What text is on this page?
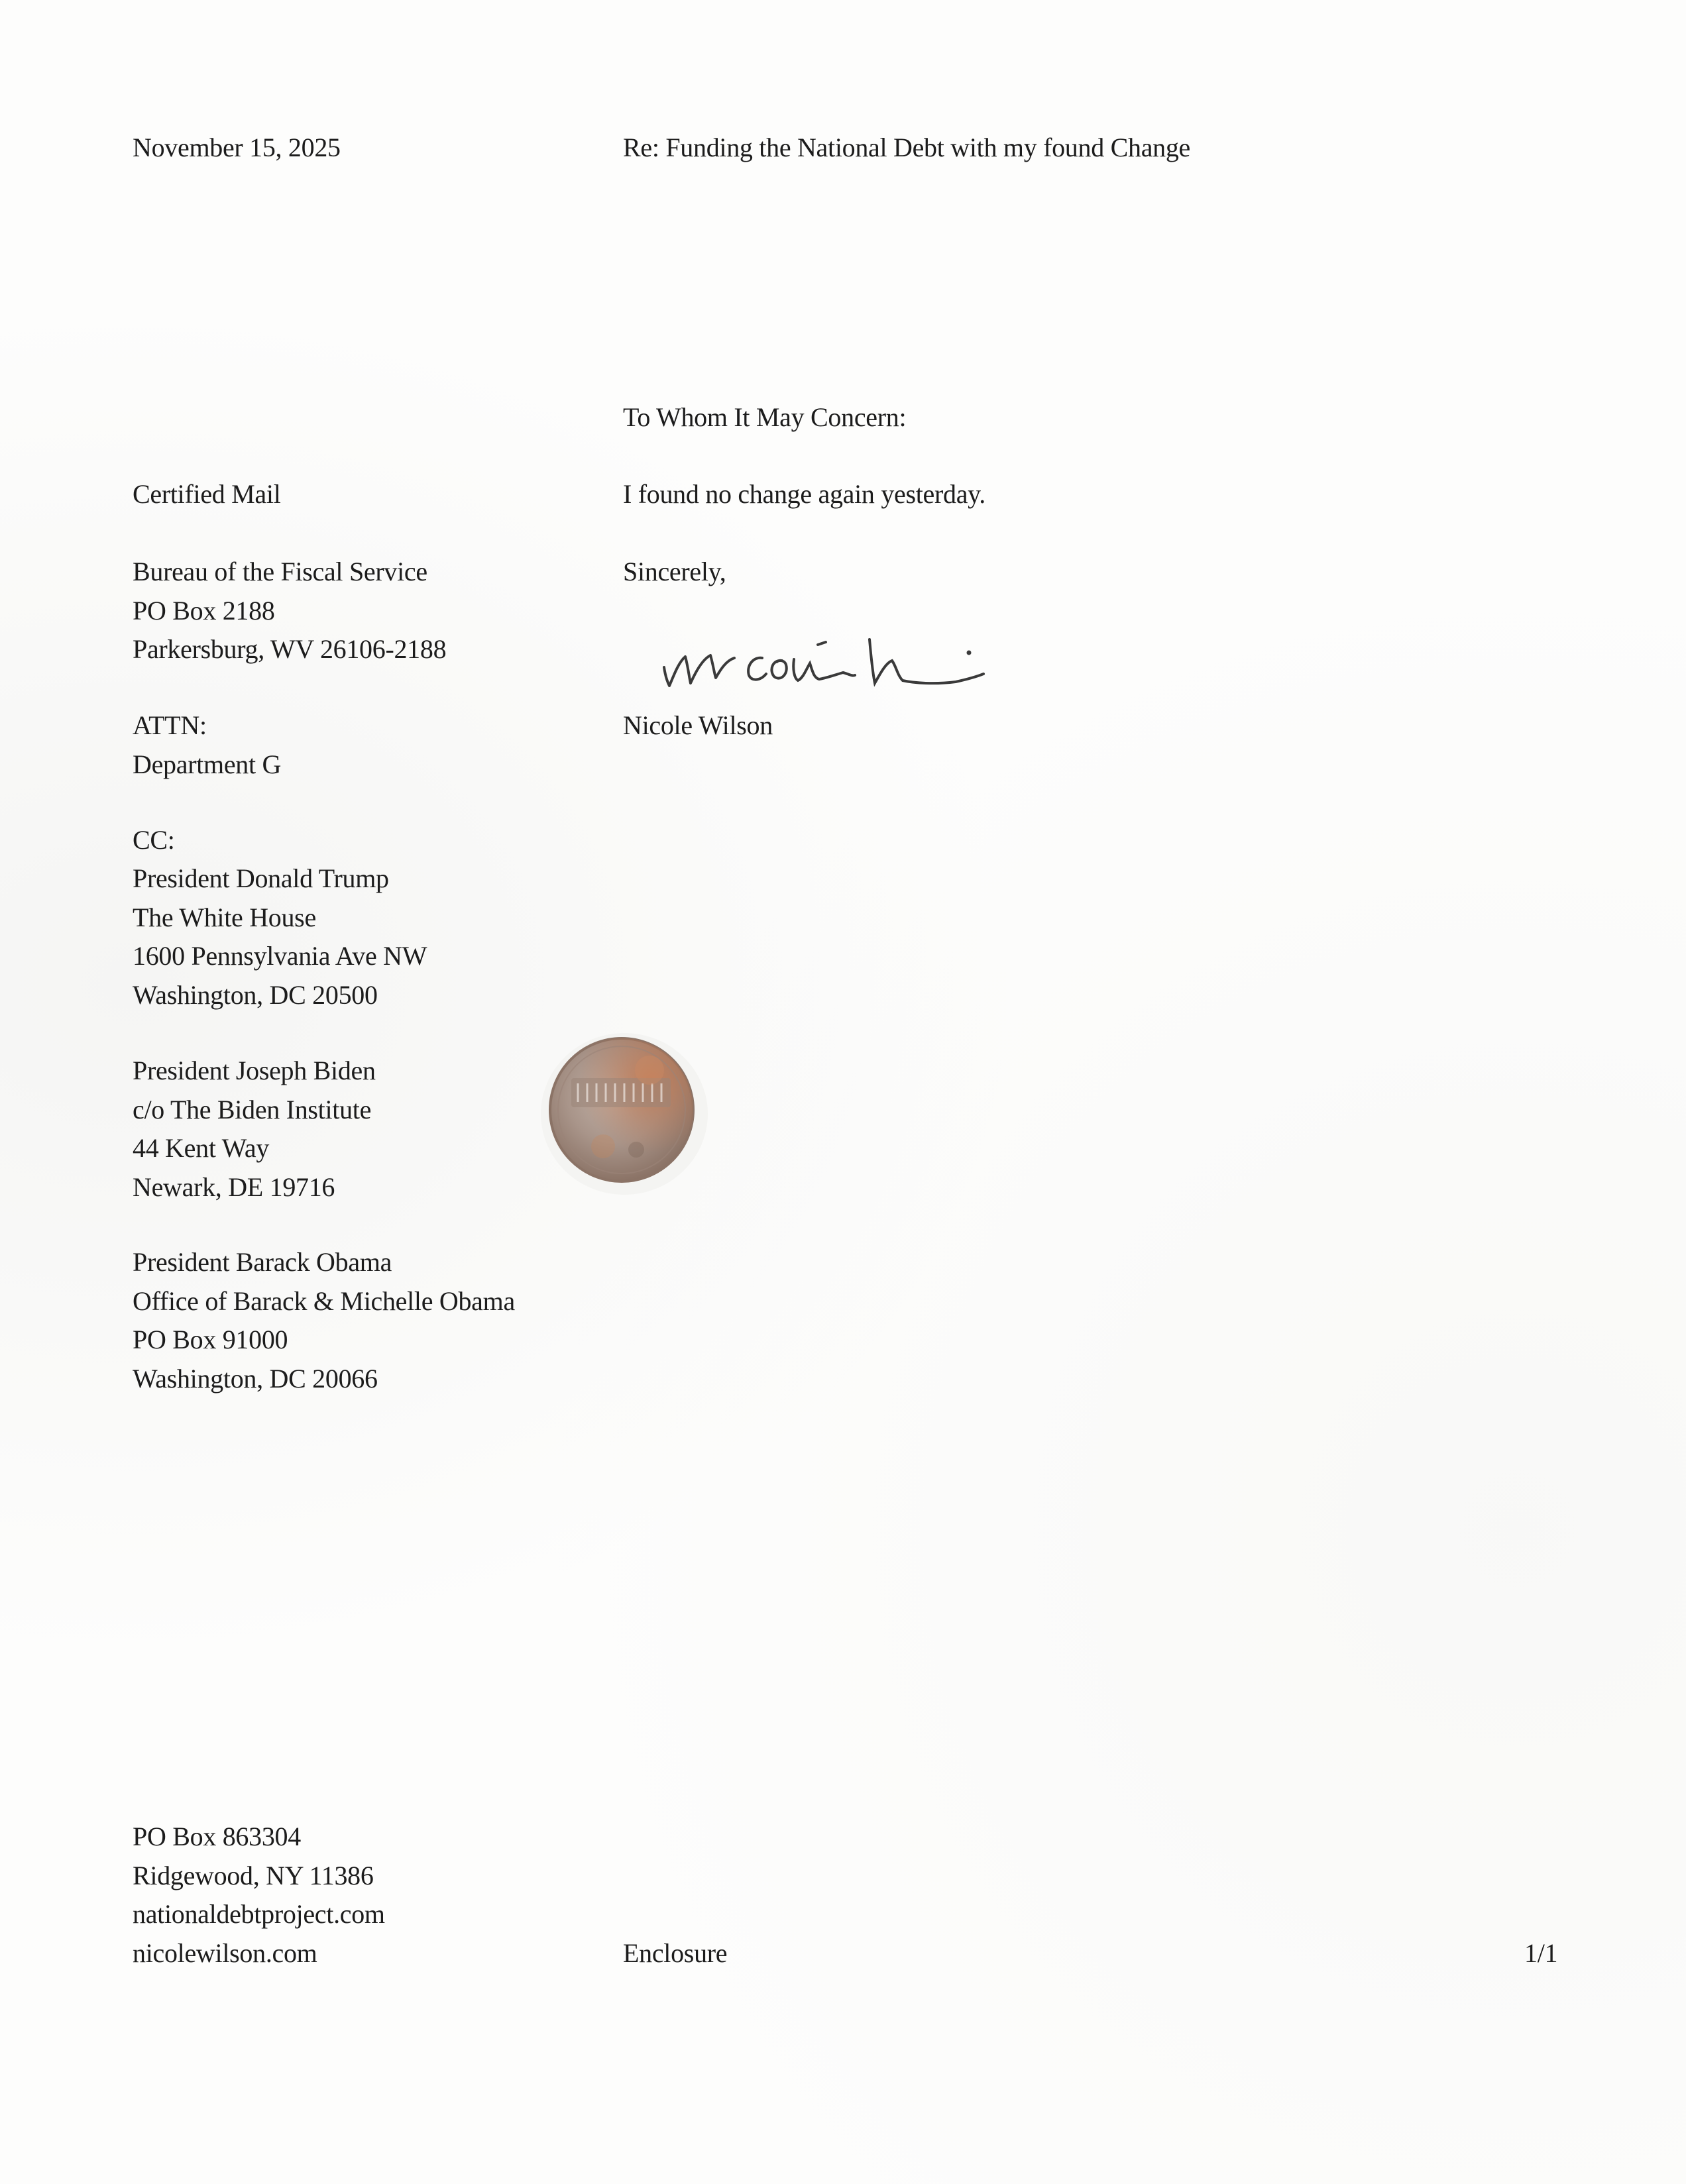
November 15, 2025	Re: Funding the National Debt with my found Change
To Whom It May Concern:
I found no change again yesterday.
Sincerely,
Nicole Wilson
Certified Mail
Bureau of the Fiscal Service
PO Box 2188
Parkersburg, WV 26106-2188
ATTN:
Department G
CC:
President Donald Trump
The White House
1600 Pennsylvania Ave NW
Washington, DC 20500
President Joseph Biden
c/o The Biden Institute
44 Kent Way
Newark, DE 19716
President Barack Obama
Office of Barack & Michelle Obama
PO Box 91000
Washington, DC 20066
PO Box 863304
Ridgewood, NY 11386
nationaldebtproject.com
nicolewilson.com	Enclosure	1/1
